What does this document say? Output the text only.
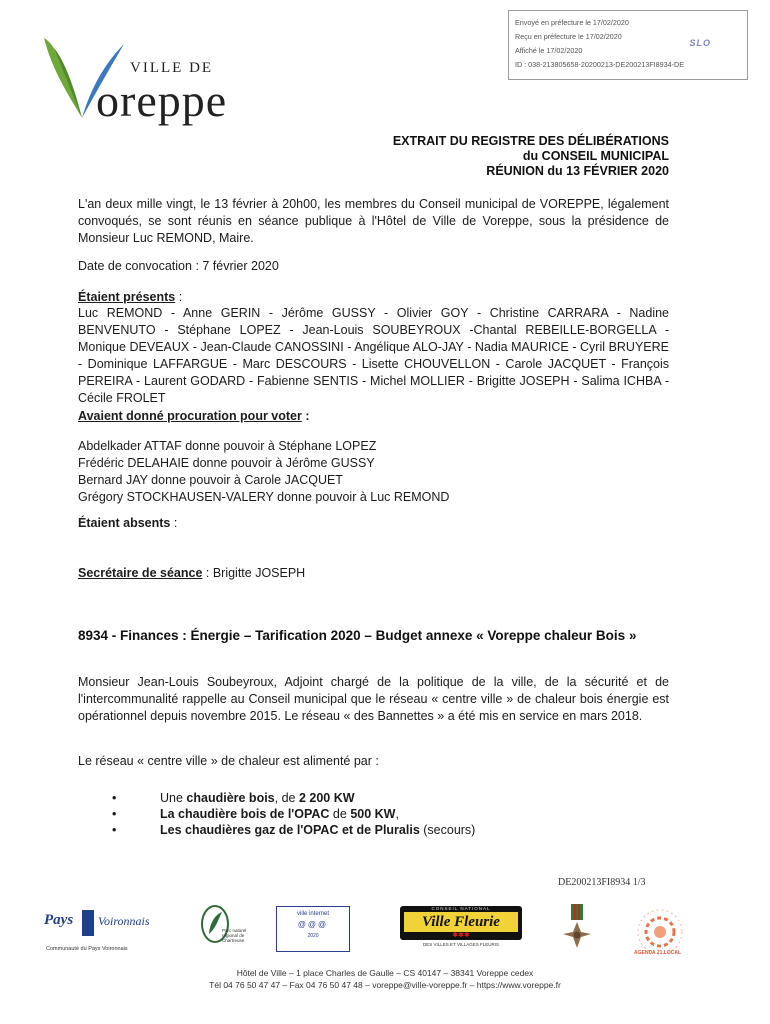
VILLE DE
oreppe
Envoyé en préfecture le 17/02/2020
Reçu en préfecture le 17/02/2020
Affiché le 17/02/2020
ID : 038-213805658-20200213-DE200213FI8934-DE
SLO
EXTRAIT DU REGISTRE DES DÉLIBÉRATIONS
du CONSEIL MUNICIPAL
RÉUNION du 13 FÉVRIER 2020
L'an deux mille vingt, le 13 février à 20h00, les membres du Conseil municipal de VOREPPE, légalement convoqués, se sont réunis en séance publique à l'Hôtel de Ville de Voreppe, sous la présidence de Monsieur Luc REMOND, Maire.
Date de convocation : 7 février 2020
Étaient présents :
Luc REMOND - Anne GERIN - Jérôme GUSSY - Olivier GOY - Christine CARRARA - Nadine BENVENUTO - Stéphane LOPEZ - Jean-Louis SOUBEYROUX -Chantal REBEILLE-BORGELLA - Monique DEVEAUX - Jean-Claude CANOSSINI - Angélique ALO-JAY - Nadia MAURICE - Cyril BRUYERE - Dominique LAFFARGUE - Marc DESCOURS - Lisette CHOUVELLON - Carole JACQUET - François PEREIRA - Laurent GODARD - Fabienne SENTIS - Michel MOLLIER - Brigitte JOSEPH - Salima ICHBA - Cécile FROLET
Avaient donné procuration pour voter :
Abdelkader ATTAF donne pouvoir à Stéphane LOPEZ
Frédéric DELAHAIE donne pouvoir à Jérôme GUSSY
Bernard JAY donne pouvoir à Carole JACQUET
Grégory STOCKHAUSEN-VALERY donne pouvoir à Luc REMOND
Étaient absents :
Secrétaire de séance : Brigitte JOSEPH
8934 - Finances : Énergie – Tarification 2020 – Budget annexe « Voreppe chaleur Bois »
Monsieur Jean-Louis Soubeyroux, Adjoint chargé de la politique de la ville, de la sécurité et de l'intercommunalité rappelle au Conseil municipal que le réseau « centre ville » de chaleur bois énergie est opérationnel depuis novembre 2015. Le réseau « des Bannettes » a été mis en service en mars 2018.
Le réseau « centre ville » de chaleur est alimenté par :
•	Une chaudière bois, de 2 200 KW
•	La chaudière bois de l'OPAC de 500 KW,
•	Les chaudières gaz de l'OPAC et de Pluralis (secours)
DE200213FI8934 1/3
Pays Voironnais
Communauté du Pays Voironnais
Parc naturel régional de Chartreuse
ville internet
@@@
2020
CONSEIL NATIONAL
Ville Fleurie
✱✱✱
DES VILLES ET VILLAGES FLEURIS
AGENDA 21 LOCAL
Hôtel de Ville – 1 place Charles de Gaulle – CS 40147 – 38341 Voreppe cedex
Tél 04 76 50 47 47 – Fax 04 76 50 47 48 – voreppe@ville-voreppe.fr – https://www.voreppe.fr
